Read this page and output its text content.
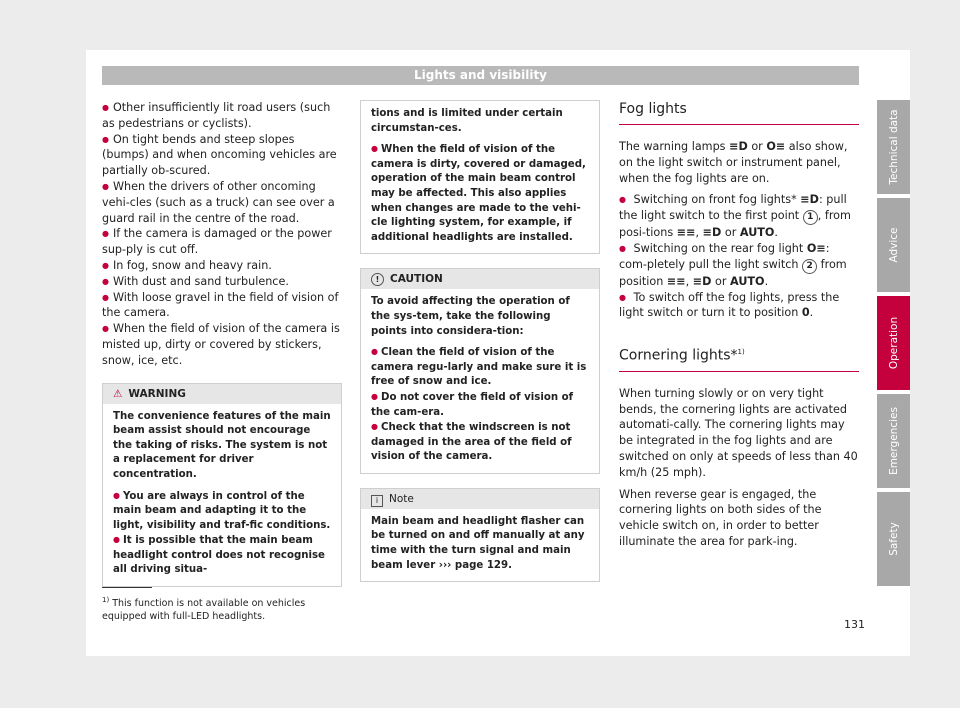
Lights and visibility

● Other insufficiently lit road users (such as pedestrians or cyclists).

● On tight bends and steep slopes (bumps) and when oncoming vehicles are partially ob-scured.

● When the drivers of other oncoming vehi-cles (such as a truck) can see over a guard rail in the centre of the road.

● If the camera is damaged or the power sup-ply is cut off.

● In fog, snow and heavy rain.

● With dust and sand turbulence.

● With loose gravel in the field of vision of the camera.

● When the field of vision of the camera is misted up, dirty or covered by stickers, snow, ice, etc.

⚠ WARNING

The convenience features of the main beam assist should not encourage the taking of risks. The system is not a replacement for driver concentration.

● You are always in control of the main beam and adapting it to the light, visibility and traf-fic conditions.

● It is possible that the main beam headlight control does not recognise all driving situa-

tions and is limited under certain circumstan-ces.

● When the field of vision of the camera is dirty, covered or damaged, operation of the main beam control may be affected. This also applies when changes are made to the vehi-cle lighting system, for example, if additional headlights are installed.

! CAUTION

To avoid affecting the operation of the sys-tem, take the following points into considera-tion:

● Clean the field of vision of the camera regu-larly and make sure it is free of snow and ice.

● Do not cover the field of vision of the cam-era.

● Check that the windscreen is not damaged in the area of the field of vision of the camera.

i Note
Main beam and headlight flasher can be turned on and off manually at any time with the turn signal and main beam lever ››› page 129.
Fog lights

The warning lamps ≡D or O≡ also show, on the light switch or instrument panel, when the fog lights are on.

● Switching on front fog lights* ≡D: pull the light switch to the first point 1 , from posi-tions ≡≡, ≡D or AUTO.

● Switching on the rear fog light O≡: com-pletely pull the light switch 2 from position ≡≡, ≡D or AUTO.

● To switch off the fog lights, press the light switch or turn it to position 0.

Cornering lights*$^{1)}$

When turning slowly or on very tight bends, the cornering lights are activated automati-cally. The cornering lights may be integrated in the fog lights and are switched on only at speeds of less than 40 km/h (25 mph).

When reverse gear is engaged, the cornering lights on both sides of the vehicle switch on, in order to better illuminate the area for park-ing.

$^{1)}$ This function is not available on vehicles equipped with full-LED headlights.
131
Technical data
Advice
Operation
Emergencies
Safety
